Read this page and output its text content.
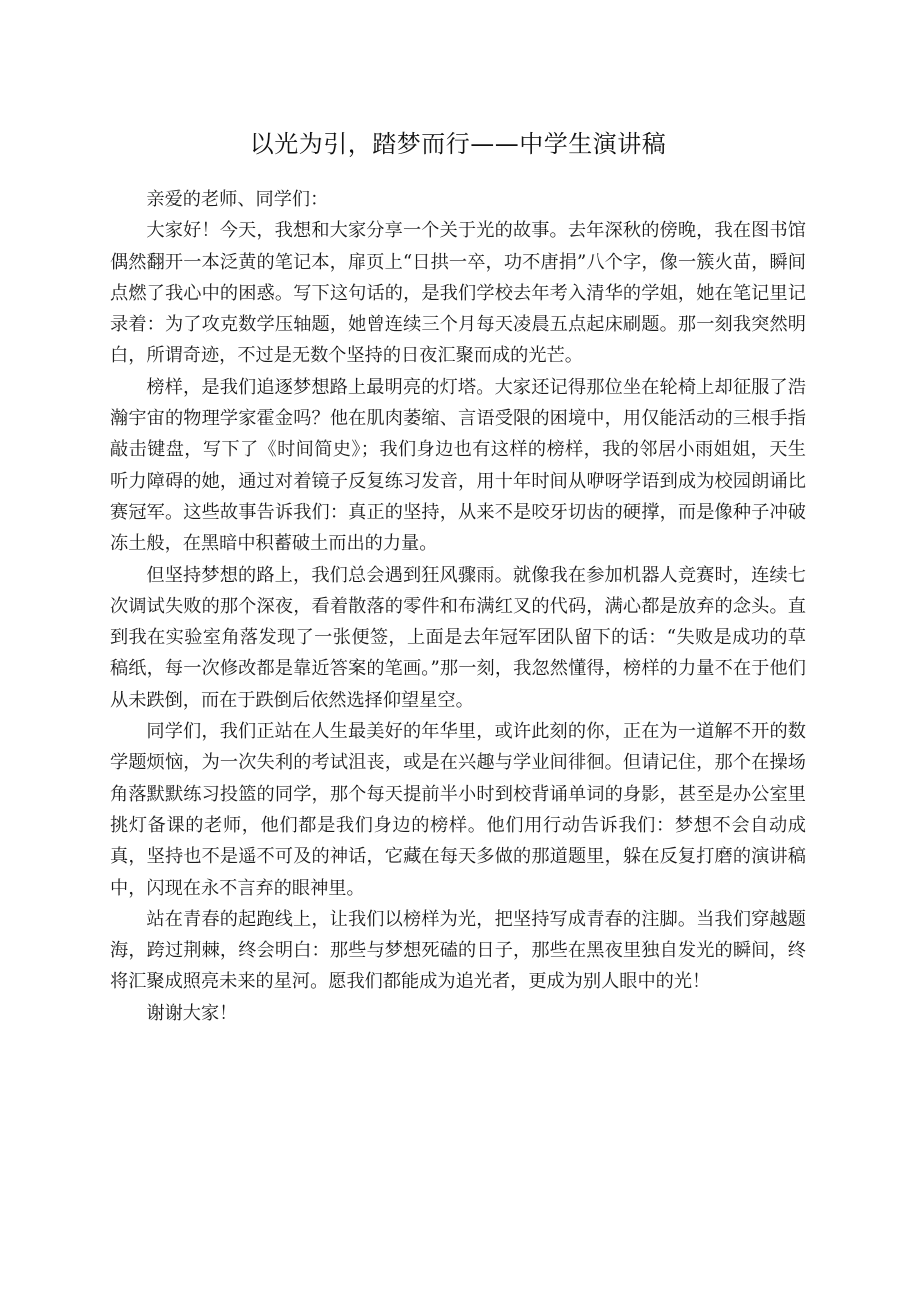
以光为引，踏梦而行——中学生演讲稿

亲爱的老师、同学们：

大家好！今天，我想和大家分享一个关于光的故事。去年深秋的傍晚，我在图书馆偶然翻开一本泛黄的笔记本，扉页上“日拱一卒，功不唐捐”八个字，像一簇火苗，瞬间点燃了我心中的困惑。写下这句话的，是我们学校去年考入清华的学姐，她在笔记里记录着：为了攻克数学压轴题，她曾连续三个月每天凌晨五点起床刷题。那一刻我突然明白，所谓奇迹，不过是无数个坚持的日夜汇聚而成的光芒。

榜样，是我们追逐梦想路上最明亮的灯塔。大家还记得那位坐在轮椅上却征服了浩瀚宇宙的物理学家霍金吗？他在肌肉萎缩、言语受限的困境中，用仅能活动的三根手指敲击键盘，写下了《时间简史》；我们身边也有这样的榜样，我的邻居小雨姐姐，天生听力障碍的她，通过对着镜子反复练习发音，用十年时间从咿呀学语到成为校园朗诵比赛冠军。这些故事告诉我们：真正的坚持，从来不是咬牙切齿的硬撑，而是像种子冲破冻土般，在黑暗中积蓄破土而出的力量。

但坚持梦想的路上，我们总会遇到狂风骤雨。就像我在参加机器人竞赛时，连续七次调试失败的那个深夜，看着散落的零件和布满红叉的代码，满心都是放弃的念头。直到我在实验室角落发现了一张便签，上面是去年冠军团队留下的话：“失败是成功的草稿纸，每一次修改都是靠近答案的笔画。”那一刻，我忽然懂得，榜样的力量不在于他们从未跌倒，而在于跌倒后依然选择仰望星空。

同学们，我们正站在人生最美好的年华里，或许此刻的你，正在为一道解不开的数学题烦恼，为一次失利的考试沮丧，或是在兴趣与学业间徘徊。但请记住，那个在操场角落默默练习投篮的同学，那个每天提前半小时到校背诵单词的身影，甚至是办公室里挑灯备课的老师，他们都是我们身边的榜样。他们用行动告诉我们：梦想不会自动成真，坚持也不是遥不可及的神话，它藏在每天多做的那道题里，躲在反复打磨的演讲稿中，闪现在永不言弃的眼神里。

站在青春的起跑线上，让我们以榜样为光，把坚持写成青春的注脚。当我们穿越题海，跨过荆棘，终会明白：那些与梦想死磕的日子，那些在黑夜里独自发光的瞬间，终将汇聚成照亮未来的星河。愿我们都能成为追光者，更成为别人眼中的光！

谢谢大家！
